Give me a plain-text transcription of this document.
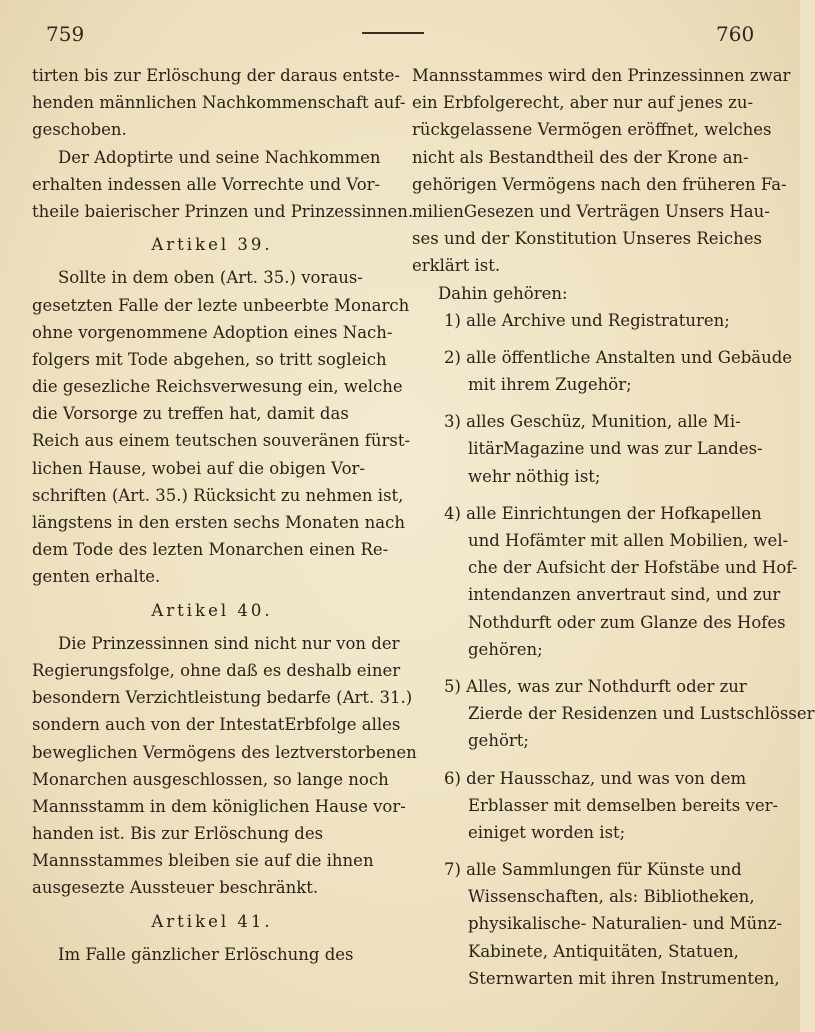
759	760
tirten bis zur Erlöschung der daraus entste-
henden männlichen Nachkommenschaft auf-
geschoben.
Der Adoptirte und seine Nachkommen
erhalten indessen alle Vorrechte und Vor-
theile baierischer Prinzen und Prinzessinnen.
Artikel 39.
Sollte in dem oben (Art. 35.) voraus-
gesetzten Falle der lezte unbeerbte Monarch
ohne vorgenommene Adoption eines Nach-
folgers mit Tode abgehen, so tritt sogleich
die gesezliche Reichsverwesung ein, welche
die Vorsorge zu treffen hat, damit das
Reich aus einem teutschen souveränen fürst-
lichen Hause, wobei auf die obigen Vor-
schriften (Art. 35.) Rücksicht zu nehmen ist,
längstens in den ersten sechs Monaten nach
dem Tode des lezten Monarchen einen Re-
genten erhalte.
Artikel 40.
Die Prinzessinnen sind nicht nur von der
Regierungsfolge, ohne daß es deshalb einer
besondern Verzichtleistung bedarfe (Art. 31.)
sondern auch von der IntestatErbfolge alles
beweglichen Vermögens des leztverstorbenen
Monarchen ausgeschlossen, so lange noch
Mannsstamm in dem königlichen Hause vor-
handen ist. Bis zur Erlöschung des
Mannsstammes bleiben sie auf die ihnen
ausgesezte Aussteuer beschränkt.
Artikel 41.
Im Falle gänzlicher Erlöschung des
Mannsstammes wird den Prinzessinnen zwar
ein Erbfolgerecht, aber nur auf jenes zu-
rückgelassene Vermögen eröffnet, welches
nicht als Bestandtheil des der Krone an-
gehörigen Vermögens nach den früheren Fa-
milienGesezen und Verträgen Unsers Hau-
ses und der Konstitution Unseres Reiches
erklärt ist.
Dahin gehören:
1) alle Archive und Registraturen;
2) alle öffentliche Anstalten und Gebäude
mit ihrem Zugehör;
3) alles Geschüz, Munition, alle Mi-
litärMagazine und was zur Landes-
wehr nöthig ist;
4) alle Einrichtungen der Hofkapellen
und Hofämter mit allen Mobilien, wel-
che der Aufsicht der Hofstäbe und Hof-
intendanzen anvertraut sind, und zur
Nothdurft oder zum Glanze des Hofes
gehören;
5) Alles, was zur Nothdurft oder zur
Zierde der Residenzen und Lustschlösser
gehört;
6) der Hausschaz, und was von dem
Erblasser mit demselben bereits ver-
einiget worden ist;
7) alle Sammlungen für Künste und
Wissenschaften, als: Bibliotheken,
physikalische- Naturalien- und Münz-
Kabinete, Antiquitäten, Statuen,
Sternwarten mit ihren Instrumenten,
